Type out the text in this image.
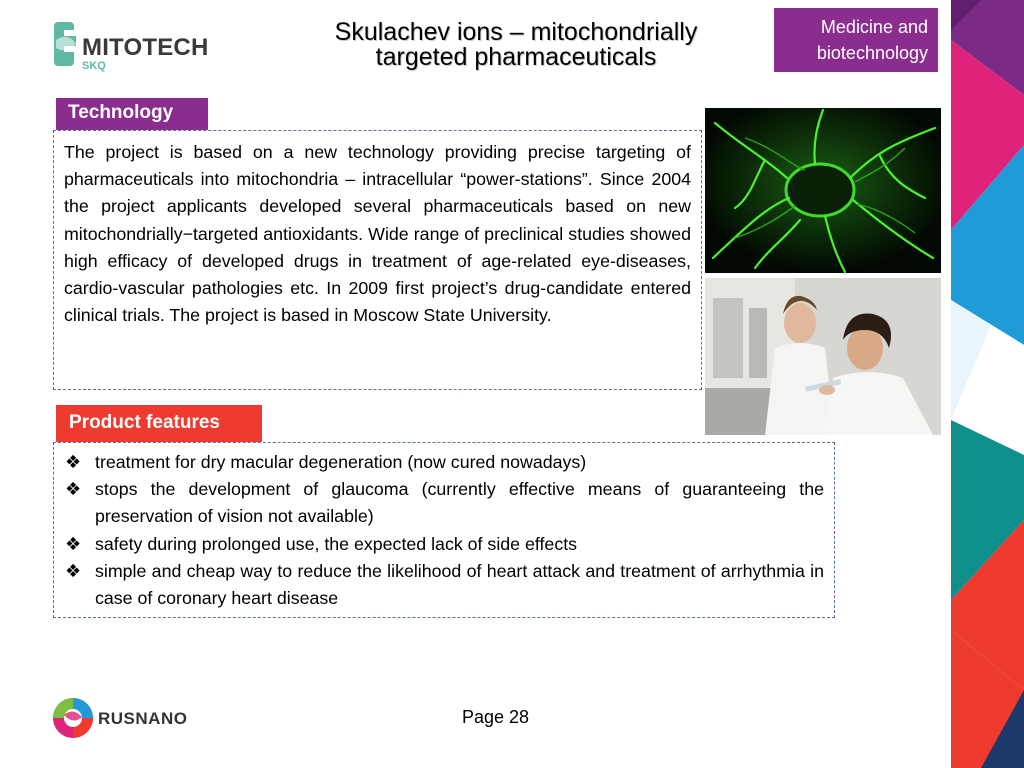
MITOTECH
SKQ
Skulachev ions – mitochondrially
targeted pharmaceuticals
Medicine and
biotechnology
Technology

The project is based on a new technology providing precise targeting of pharmaceuticals into mitochondria – intracellular “power-stations”. Since 2004 the project applicants developed several pharmaceuticals based on new mitochondrially−targeted antioxidants. Wide range of preclinical studies showed high efficacy of developed drugs in treatment of age-related eye-diseases, cardio-vascular pathologies etc. In 2009 first project’s drug-candidate entered clinical trials. The project is based in Moscow State University.

Product features
❖ treatment for dry macular degeneration (now cured nowadays)
❖ stops the development of glaucoma (currently effective means of guaranteeing the preservation of vision not available)
❖ safety during prolonged use, the expected lack of side effects
❖ simple and cheap way to reduce the likelihood of heart attack and treatment of arrhythmia in case of coronary heart disease
RUSNANO	Page 28
